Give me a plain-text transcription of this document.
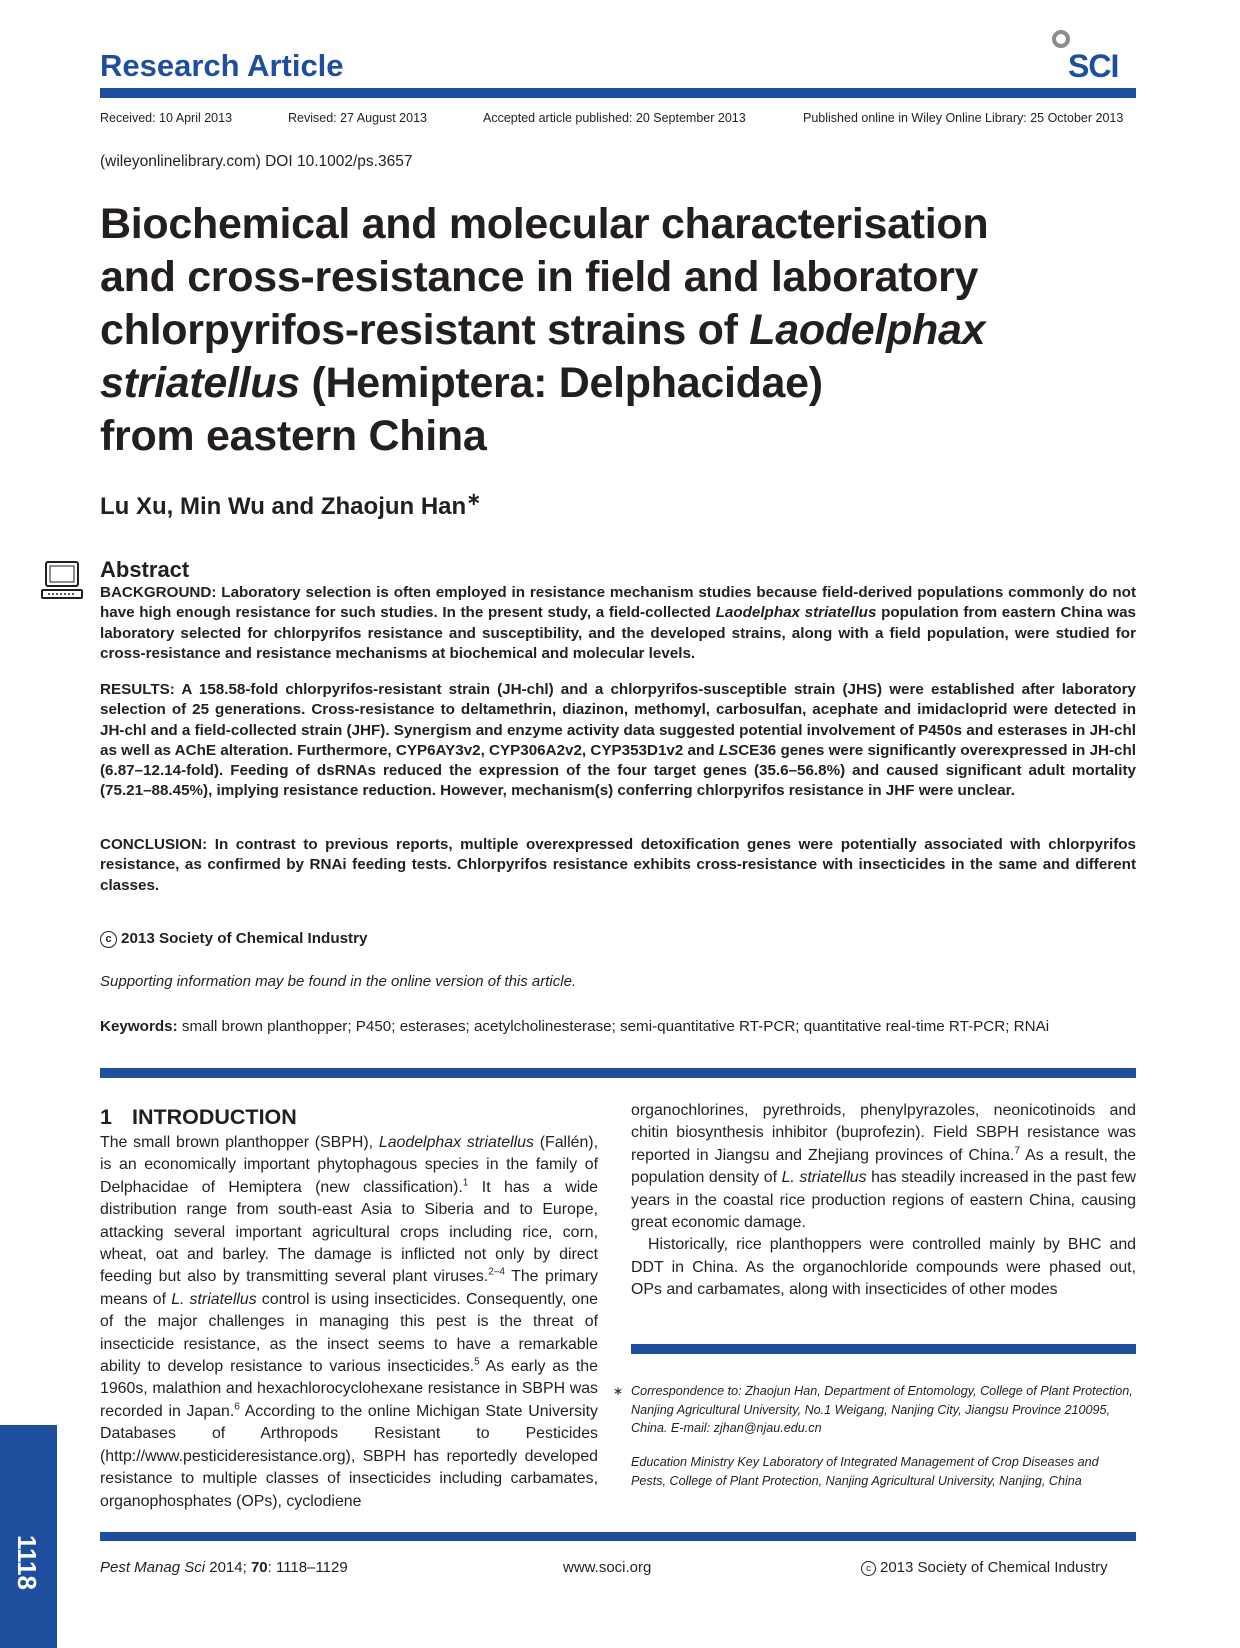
Research Article	SCI
Received: 10 April 2013	Revised: 27 August 2013	Accepted article published: 20 September 2013	Published online in Wiley Online Library: 25 October 2013
(wileyonlinelibrary.com) DOI 10.1002/ps.3657
Biochemical and molecular characterisation
and cross-resistance in field and laboratory
chlorpyrifos-resistant strains of Laodelphax
striatellus (Hemiptera: Delphacidae)
from eastern China
Lu Xu, Min Wu and Zhaojun Han∗
Abstract
BACKGROUND: Laboratory selection is often employed in resistance mechanism studies because field-derived populations commonly do not have high enough resistance for such studies. In the present study, a field-collected Laodelphax striatellus population from eastern China was laboratory selected for chlorpyrifos resistance and susceptibility, and the developed strains, along with a field population, were studied for cross-resistance and resistance mechanisms at biochemical and molecular levels.
RESULTS: A 158.58-fold chlorpyrifos-resistant strain (JH-chl) and a chlorpyrifos-susceptible strain (JHS) were established after laboratory selection of 25 generations. Cross-resistance to deltamethrin, diazinon, methomyl, carbosulfan, acephate and imidacloprid were detected in JH-chl and a field-collected strain (JHF). Synergism and enzyme activity data suggested potential involvement of P450s and esterases in JH-chl as well as AChE alteration. Furthermore, CYP6AY3v2, CYP306A2v2, CYP353D1v2 and LSCE36 genes were significantly overexpressed in JH-chl (6.87–12.14-fold). Feeding of dsRNAs reduced the expression of the four target genes (35.6–56.8%) and caused significant adult mortality (75.21–88.45%), implying resistance reduction. However, mechanism(s) conferring chlorpyrifos resistance in JHF were unclear.
CONCLUSION: In contrast to previous reports, multiple overexpressed detoxification genes were potentially associated with chlorpyrifos resistance, as confirmed by RNAi feeding tests. Chlorpyrifos resistance exhibits cross-resistance with insecticides in the same and different classes.
c 2013 Society of Chemical Industry
Supporting information may be found in the online version of this article.
Keywords: small brown planthopper; P450; esterases; acetylcholinesterase; semi-quantitative RT-PCR; quantitative real-time RT-PCR; RNAi
1 INTRODUCTION

The small brown planthopper (SBPH), Laodelphax striatellus (Fallén), is an economically important phytophagous species in the family of Delphacidae of Hemiptera (new classification).$^1$ It has a wide distribution range from south-east Asia to Siberia and to Europe, attacking several important agricultural crops including rice, corn, wheat, oat and barley. The damage is inflicted not only by direct feeding but also by transmitting several plant viruses.$^{2-4}$ The primary means of L. striatellus control is using insecticides. Consequently, one of the major challenges in managing this pest is the threat of insecticide resistance, as the insect seems to have a remarkable ability to develop resistance to various insecticides.$^5$ As early as the 1960s, malathion and hexachlorocyclohexane resistance in SBPH was recorded in Japan.$^6$ According to the online Michigan State University Databases of Arthropods Resistant to Pesticides (http://www.pesticideresistance.org), SBPH has reportedly developed resistance to multiple classes of insecticides including carbamates, organophosphates (OPs), cyclodiene

organochlorines, pyrethroids, phenylpyrazoles, neonicotinoids and chitin biosynthesis inhibitor (buprofezin). Field SBPH resistance was reported in Jiangsu and Zhejiang provinces of China.$^7$ As a result, the population density of L. striatellus has steadily increased in the past few years in the coastal rice production regions of eastern China, causing great economic damage.

Historically, rice planthoppers were controlled mainly by BHC and DDT in China. As the organochloride compounds were phased out, OPs and carbamates, along with insecticides of other modes

∗ Correspondence to: Zhaojun Han, Department of Entomology, College of Plant Protection, Nanjing Agricultural University, No.1 Weigang, Nanjing City, Jiangsu Province 210095, China. E-mail: zjhan@njau.edu.cn
Education Ministry Key Laboratory of Integrated Management of Crop Diseases and Pests, College of Plant Protection, Nanjing Agricultural University, Nanjing, China
1118	Pest Manag Sci 2014; 70: 1118–1129	www.soci.org	c 2013 Society of Chemical Industry
